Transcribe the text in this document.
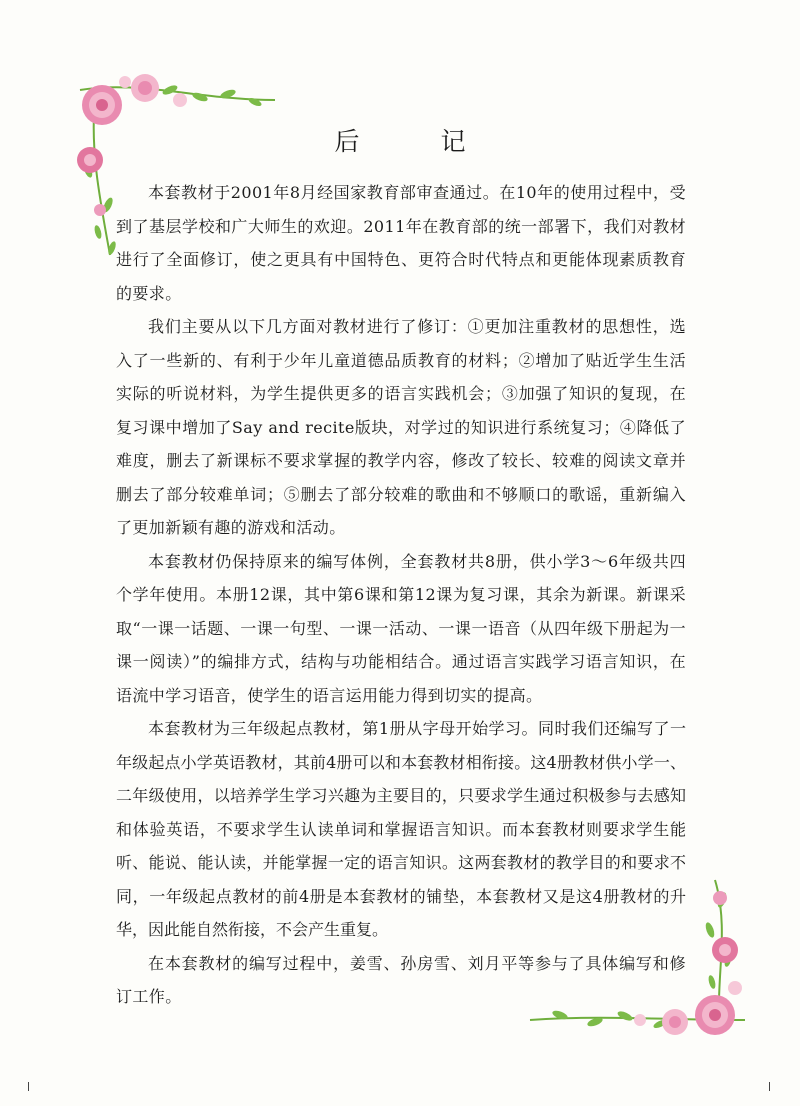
后　记

本套教材于2001年8月经国家教育部审查通过。在10年的使用过程中，受到了基层学校和广大师生的欢迎。2011年在教育部的统一部署下，我们对教材进行了全面修订，使之更具有中国特色、更符合时代特点和更能体现素质教育的要求。

我们主要从以下几方面对教材进行了修订：①更加注重教材的思想性，选入了一些新的、有利于少年儿童道德品质教育的材料；②增加了贴近学生生活实际的听说材料，为学生提供更多的语言实践机会；③加强了知识的复现，在复习课中增加了Say and recite版块，对学过的知识进行系统复习；④降低了难度，删去了新课标不要求掌握的教学内容，修改了较长、较难的阅读文章并删去了部分较难单词；⑤删去了部分较难的歌曲和不够顺口的歌谣，重新编入了更加新颖有趣的游戏和活动。

本套教材仍保持原来的编写体例，全套教材共8册，供小学3～6年级共四个学年使用。本册12课，其中第6课和第12课为复习课，其余为新课。新课采取“一课一话题、一课一句型、一课一活动、一课一语音（从四年级下册起为一课一阅读）”的编排方式，结构与功能相结合。通过语言实践学习语言知识，在语流中学习语音，使学生的语言运用能力得到切实的提高。

本套教材为三年级起点教材，第1册从字母开始学习。同时我们还编写了一年级起点小学英语教材，其前4册可以和本套教材相衔接。这4册教材供小学一、二年级使用，以培养学生学习兴趣为主要目的，只要求学生通过积极参与去感知和体验英语，不要求学生认读单词和掌握语言知识。而本套教材则要求学生能听、能说、能认读，并能掌握一定的语言知识。这两套教材的教学目的和要求不同，一年级起点教材的前4册是本套教材的铺垫，本套教材又是这4册教材的升华，因此能自然衔接，不会产生重复。

在本套教材的编写过程中，姜雪、孙房雪、刘月平等参与了具体编写和修订工作。
